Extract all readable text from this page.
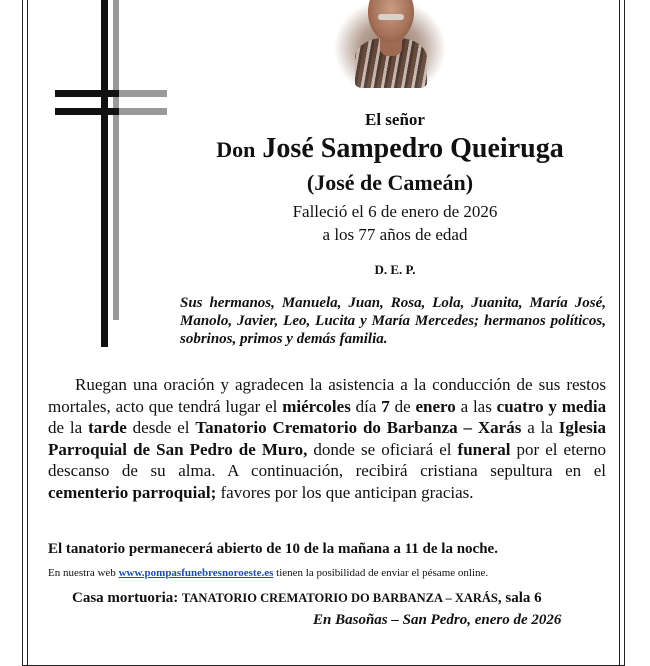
El señor
Don José Sampedro Queiruga
(José de Cameán)
Falleció el 6 de enero de 2026
a los 77 años de edad
D. E. P.
Sus hermanos, Manuela, Juan, Rosa, Lola, Juanita, María José, Manolo, Javier, Leo, Lucita y María Mercedes; hermanos políticos, sobrinos, primos y demás familia.
Ruegan una oración y agradecen la asistencia a la conducción de sus restos mortales, acto que tendrá lugar el miércoles día 7 de enero a las cuatro y media de la tarde desde el Tanatorio Crematorio do Barbanza – Xarás a la Iglesia Parroquial de San Pedro de Muro, donde se oficiará el funeral por el eterno descanso de su alma. A continuación, recibirá cristiana sepultura en el cementerio parroquial; favores por los que anticipan gracias.
El tanatorio permanecerá abierto de 10 de la mañana a 11 de la noche.
En nuestra web www.pompasfunebresnoroeste.es tienen la posibilidad de enviar el pésame online.
Casa mortuoria: TANATORIO CREMATORIO DO BARBANZA – XARÁS, sala 6
En Basoñas – San Pedro, enero de 2026
